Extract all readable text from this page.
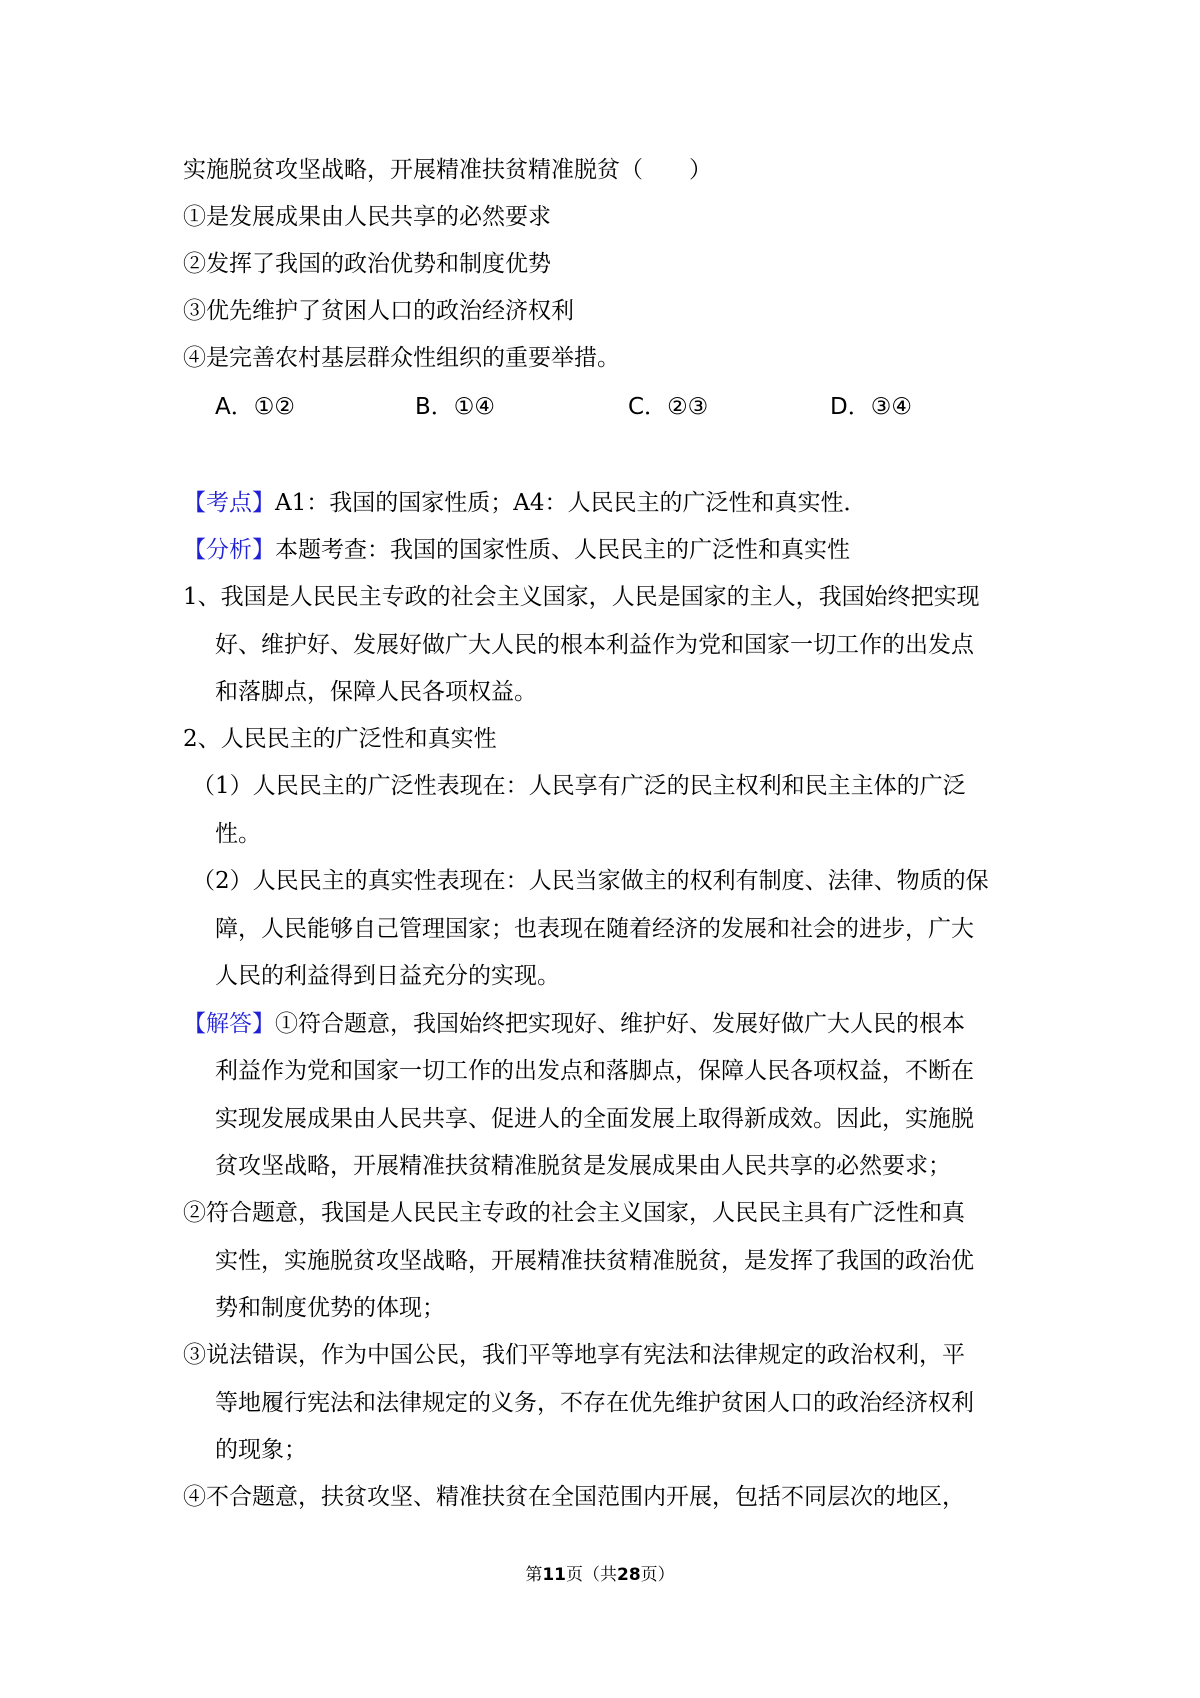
实施脱贫攻坚战略，开展精准扶贫精准脱贫（　　）
①是发展成果由人民共享的必然要求
②发挥了我国的政治优势和制度优势
③优先维护了贫困人口的政治经济权利
④是完善农村基层群众性组织的重要举措。
A．①②	B．①④	C．②③	D．③④
【考点】A1：我国的国家性质；A4：人民民主的广泛性和真实性．
【分析】本题考查：我国的国家性质、人民民主的广泛性和真实性
1、我国是人民民主专政的社会主义国家，人民是国家的主人，我国始终把实现
好、维护好、发展好做广大人民的根本利益作为党和国家一切工作的出发点
和落脚点，保障人民各项权益。
2、人民民主的广泛性和真实性
（1）人民民主的广泛性表现在：人民享有广泛的民主权利和民主主体的广泛
性。
（2）人民民主的真实性表现在：人民当家做主的权利有制度、法律、物质的保
障，人民能够自己管理国家；也表现在随着经济的发展和社会的进步，广大
人民的利益得到日益充分的实现。
【解答】①符合题意，我国始终把实现好、维护好、发展好做广大人民的根本
利益作为党和国家一切工作的出发点和落脚点，保障人民各项权益，不断在
实现发展成果由人民共享、促进人的全面发展上取得新成效。因此，实施脱
贫攻坚战略，开展精准扶贫精准脱贫是发展成果由人民共享的必然要求；
②符合题意，我国是人民民主专政的社会主义国家，人民民主具有广泛性和真
实性，实施脱贫攻坚战略，开展精准扶贫精准脱贫，是发挥了我国的政治优
势和制度优势的体现；
③说法错误，作为中国公民，我们平等地享有宪法和法律规定的政治权利，平
等地履行宪法和法律规定的义务，不存在优先维护贫困人口的政治经济权利
的现象；
④不合题意，扶贫攻坚、精准扶贫在全国范围内开展，包括不同层次的地区，
第11页（共28页）
